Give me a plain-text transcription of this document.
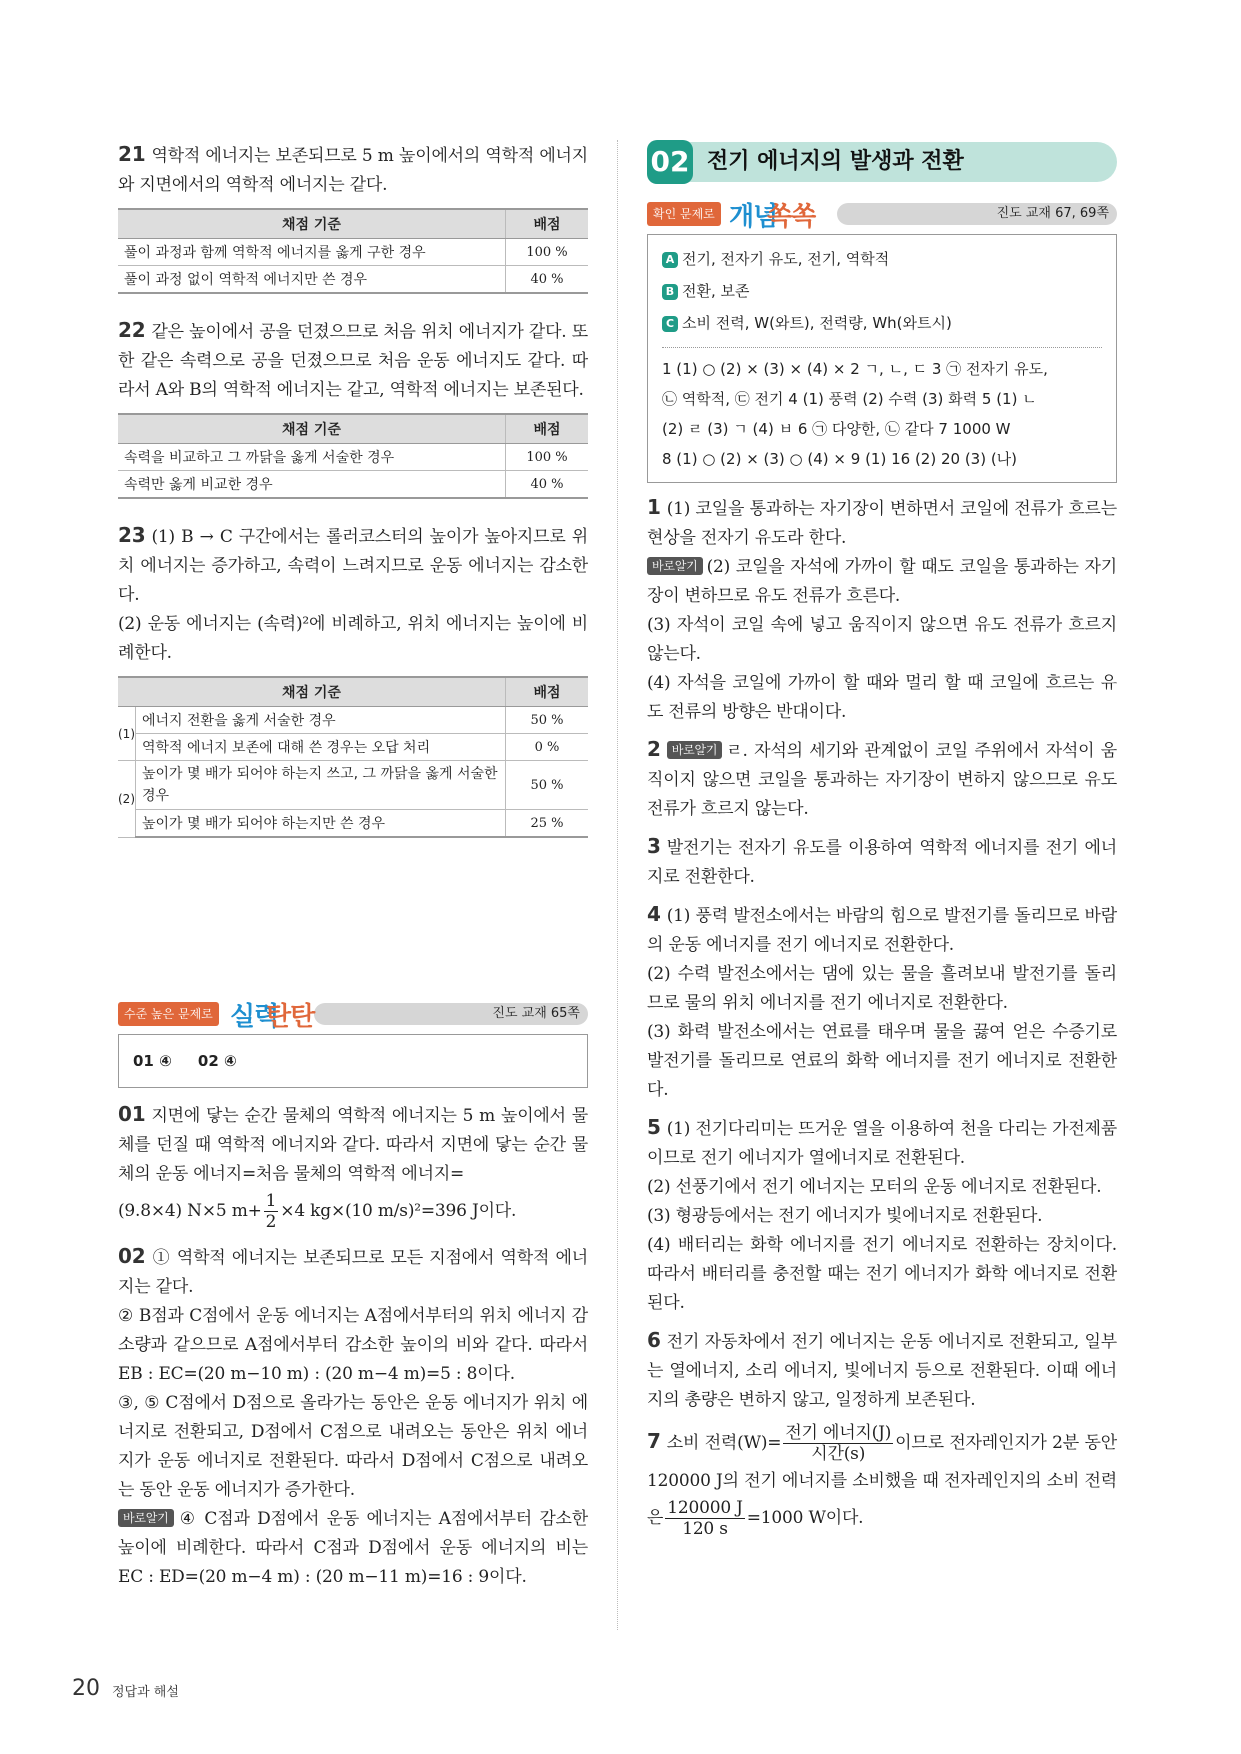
21 역학적 에너지는 보존되므로 5 m 높이에서의 역학적 에너지와 지면에서의 역학적 에너지는 같다.

채점 기준	배점
풀이 과정과 함께 역학적 에너지를 옳게 구한 경우	100 %
풀이 과정 없이 역학적 에너지만 쓴 경우	40 %

22 같은 높이에서 공을 던졌으므로 처음 위치 에너지가 같다. 또한 같은 속력으로 공을 던졌으므로 처음 운동 에너지도 같다. 따라서 A와 B의 역학적 에너지는 같고, 역학적 에너지는 보존된다.

채점 기준	배점
속력을 비교하고 그 까닭을 옳게 서술한 경우	100 %
속력만 옳게 비교한 경우	40 %

23 (1) B → C 구간에서는 롤러코스터의 높이가 높아지므로 위치 에너지는 증가하고, 속력이 느려지므로 운동 에너지는 감소한다.

(2) 운동 에너지는 (속력)²에 비례하고, 위치 에너지는 높이에 비례한다.

채점 기준		배점
(1)	에너지 전환을 옳게 서술한 경우	50 %
	역학적 에너지 보존에 대해 쓴 경우는 오답 처리	0 %
(2)	높이가 몇 배가 되어야 하는지 쓰고, 그 까닭을 옳게 서술한 경우	50 %
	높이가 몇 배가 되어야 하는지만 쓴 경우	25 %
수준 높은 문제로 실력
탄탄	진도 교재 65쪽
01 ④     02 ④

01 지면에 닿는 순간 물체의 역학적 에너지는 5 m 높이에서 물체를 던질 때 역학적 에너지와 같다. 따라서 지면에 닿는 순간 물체의 운동 에너지=처음 물체의 역학적 에너지=

(9.8×4) N×5 $m+ \frac{1}{2} \times 4$ kg×(10 m/s)²=396 J이다.

02 ① 역학적 에너지는 보존되므로 모든 지점에서 역학적 에너지는 같다.

② B점과 C점에서 운동 에너지는 A점에서부터의 위치 에너지 감소량과 같으므로 A점에서부터 감소한 높이의 비와 같다. 따라서 EB : EC=(20 m−10 m) : (20 m−4 m)=5 : 8이다.

③, ⑤ C점에서 D점으로 올라가는 동안은 운동 에너지가 위치 에너지로 전환되고, D점에서 C점으로 내려오는 동안은 위치 에너지가 운동 에너지로 전환된다. 따라서 D점에서 C점으로 내려오는 동안 운동 에너지가 증가한다.

바로알기 ④ C점과 D점에서 운동 에너지는 A점에서부터 감소한 높이에 비례한다. 따라서 C점과 D점에서 운동 에너지의 비는 EC : ED=(20 m−4 m) : (20 m−11 m)=16 : 9이다.

02 전기 에너지의 발생과 전환
확인 문제로 개념
쏙쏙	진도 교재 67, 69쪽
A 전기, 전자기 유도, 전기, 역학적
B 전환, 보존
C 소비 전력, W(와트), 전력량, Wh(와트시)
1 (1) ○ (2) × (3) × (4) × 2 ㄱ, ㄴ, ㄷ 3 ㉠ 전자기 유도,
㉡ 역학적, ㉢ 전기 4 (1) 풍력 (2) 수력 (3) 화력 5 (1) ㄴ
(2) ㄹ (3) ㄱ (4) ㅂ 6 ㉠ 다양한, ㉡ 같다 7 1000 W
8 (1) ○ (2) × (3) ○ (4) × 9 (1) 16 (2) 20 (3) (나)

1 (1) 코일을 통과하는 자기장이 변하면서 코일에 전류가 흐르는 현상을 전자기 유도라 한다.

바로알기 (2) 코일을 자석에 가까이 할 때도 코일을 통과하는 자기장이 변하므로 유도 전류가 흐른다.

(3) 자석이 코일 속에 넣고 움직이지 않으면 유도 전류가 흐르지 않는다.

(4) 자석을 코일에 가까이 할 때와 멀리 할 때 코일에 흐르는 유도 전류의 방향은 반대이다.

2 바로알기 ㄹ. 자석의 세기와 관계없이 코일 주위에서 자석이 움직이지 않으면 코일을 통과하는 자기장이 변하지 않으므로 유도 전류가 흐르지 않는다.

3 발전기는 전자기 유도를 이용하여 역학적 에너지를 전기 에너지로 전환한다.

4 (1) 풍력 발전소에서는 바람의 힘으로 발전기를 돌리므로 바람의 운동 에너지를 전기 에너지로 전환한다.

(2) 수력 발전소에서는 댐에 있는 물을 흘려보내 발전기를 돌리므로 물의 위치 에너지를 전기 에너지로 전환한다.

(3) 화력 발전소에서는 연료를 태우며 물을 끓여 얻은 수증기로 발전기를 돌리므로 연료의 화학 에너지를 전기 에너지로 전환한다.

5 (1) 전기다리미는 뜨거운 열을 이용하여 천을 다리는 가전제품이므로 전기 에너지가 열에너지로 전환된다.

(2) 선풍기에서 전기 에너지는 모터의 운동 에너지로 전환된다.

(3) 형광등에서는 전기 에너지가 빛에너지로 전환된다.

(4) 배터리는 화학 에너지를 전기 에너지로 전환하는 장치이다. 따라서 배터리를 충전할 때는 전기 에너지가 화학 에너지로 전환된다.

6 전기 자동차에서 전기 에너지는 운동 에너지로 전환되고, 일부는 열에너지, 소리 에너지, 빛에너지 등으로 전환된다. 이때 에너지의 총량은 변하지 않고, 일정하게 보존된다.

7 소비 전력$(W)= \frac{\text{전기 에너지(J)}}{\text{시간(s)}}$ 이므로 전자레인지가 2분 동안 120000 J의 전기 에너지를 소비했을 때 전자레인지의 소비 전력은 $\frac{120000 J}{120 s} =1000$ W이다.

20 정답과 해설
